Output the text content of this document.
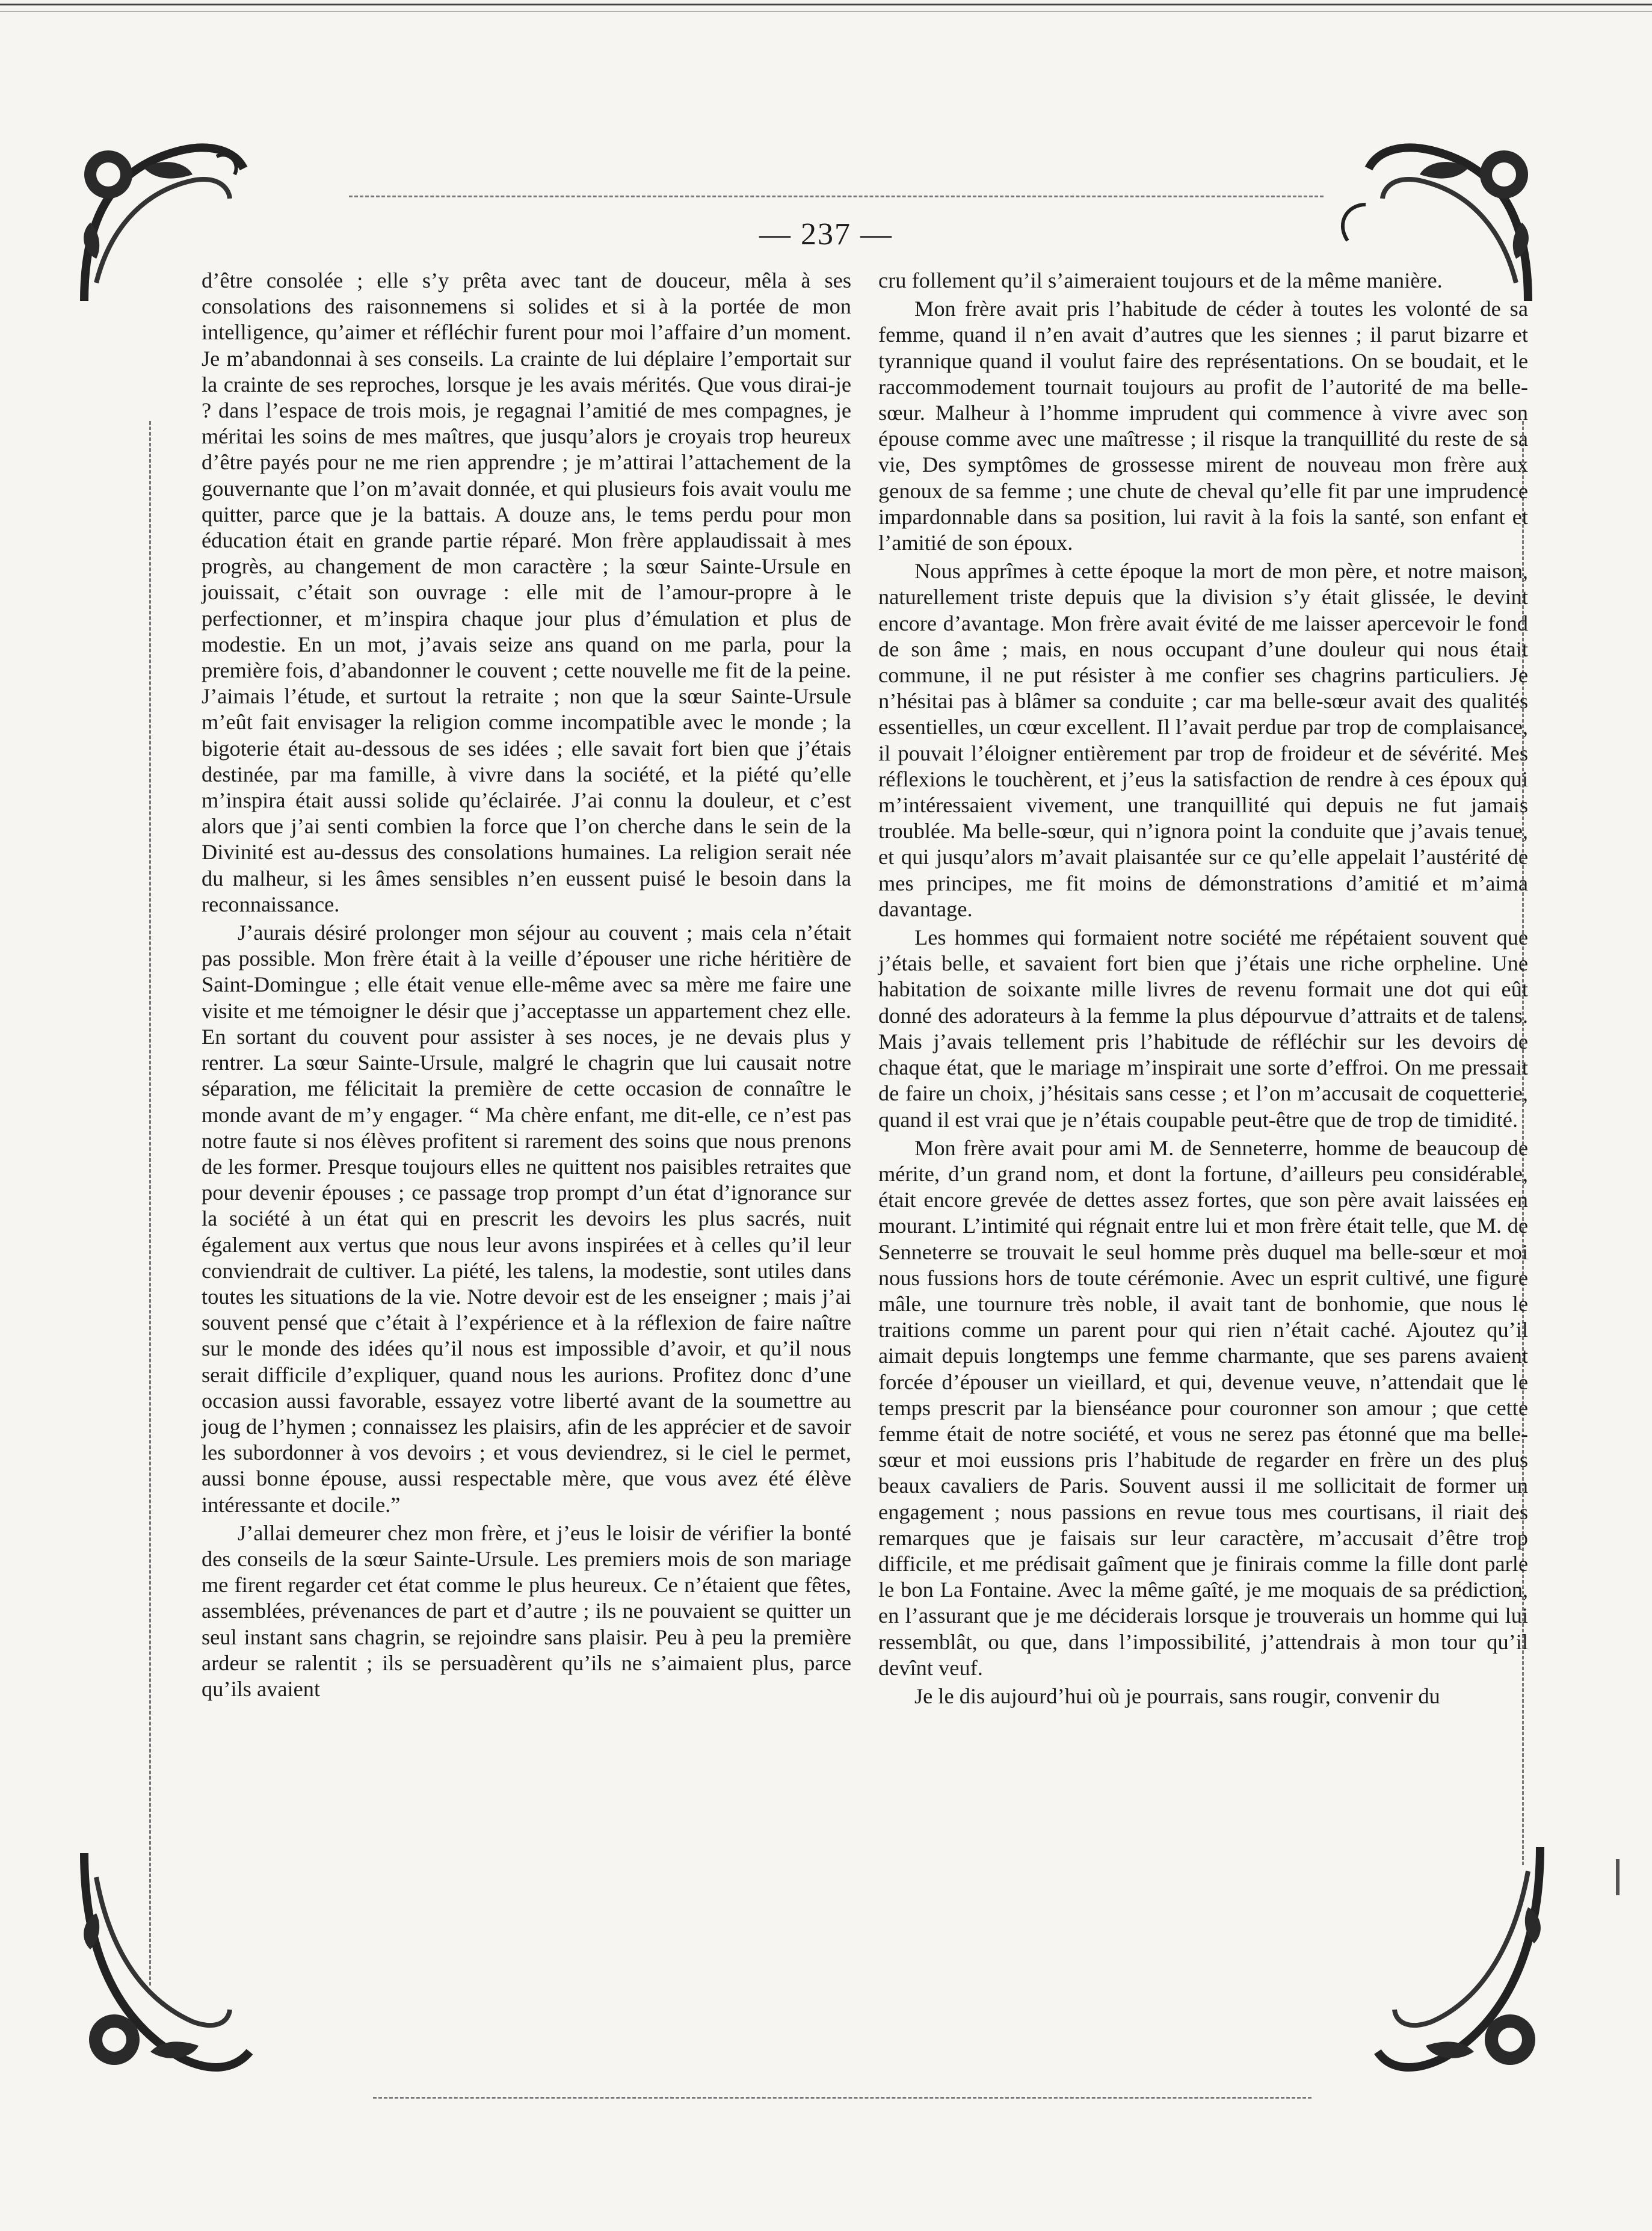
— 237 —

d’être consolée ; elle s’y prêta avec tant de douceur, mêla à ses consolations des raisonnemens si solides et si à la portée de mon intelligence, qu’aimer et réfléchir furent pour moi l’affaire d’un moment. Je m’abandonnai à ses conseils. La crainte de lui déplaire l’emportait sur la crainte de ses reproches, lorsque je les avais mérités. Que vous dirai-je ? dans l’espace de trois mois, je regagnai l’amitié de mes compagnes, je méritai les soins de mes maîtres, que jusqu’alors je croyais trop heureux d’être payés pour ne me rien apprendre ; je m’attirai l’attachement de la gouvernante que l’on m’avait donnée, et qui plusieurs fois avait voulu me quitter, parce que je la battais. A douze ans, le tems perdu pour mon éducation était en grande partie réparé. Mon frère applaudissait à mes progrès, au changement de mon caractère ; la sœur Sainte-Ursule en jouissait, c’était son ouvrage : elle mit de l’amour-propre à le perfectionner, et m’inspira chaque jour plus d’émulation et plus de modestie. En un mot, j’avais seize ans quand on me parla, pour la première fois, d’abandonner le couvent ; cette nouvelle me fit de la peine. J’aimais l’étude, et surtout la retraite ; non que la sœur Sainte-Ursule m’eût fait envisager la religion comme incompatible avec le monde ; la bigoterie était au-dessous de ses idées ; elle savait fort bien que j’étais destinée, par ma famille, à vivre dans la société, et la piété qu’elle m’inspira était aussi solide qu’éclairée. J’ai connu la douleur, et c’est alors que j’ai senti combien la force que l’on cherche dans le sein de la Divinité est au-dessus des consolations humaines. La religion serait née du malheur, si les âmes sensibles n’en eussent puisé le besoin dans la reconnaissance.

J’aurais désiré prolonger mon séjour au couvent ; mais cela n’était pas possible. Mon frère était à la veille d’épouser une riche héritière de Saint-Domingue ; elle était venue elle-même avec sa mère me faire une visite et me témoigner le désir que j’acceptasse un appartement chez elle. En sortant du couvent pour assister à ses noces, je ne devais plus y rentrer. La sœur Sainte-Ursule, malgré le chagrin que lui causait notre séparation, me félicitait la première de cette occasion de connaître le monde avant de m’y engager. “ Ma chère enfant, me dit-elle, ce n’est pas notre faute si nos élèves profitent si rarement des soins que nous prenons de les former. Presque toujours elles ne quittent nos paisibles retraites que pour devenir épouses ; ce passage trop prompt d’un état d’ignorance sur la société à un état qui en prescrit les devoirs les plus sacrés, nuit également aux vertus que nous leur avons inspirées et à celles qu’il leur conviendrait de cultiver. La piété, les talens, la modestie, sont utiles dans toutes les situations de la vie. Notre devoir est de les enseigner ; mais j’ai souvent pensé que c’était à l’expérience et à la réflexion de faire naître sur le monde des idées qu’il nous est impossible d’avoir, et qu’il nous serait difficile d’expliquer, quand nous les aurions. Profitez donc d’une occasion aussi favorable, essayez votre liberté avant de la soumettre au joug de l’hymen ; connaissez les plaisirs, afin de les apprécier et de savoir les subordonner à vos devoirs ; et vous deviendrez, si le ciel le permet, aussi bonne épouse, aussi respectable mère, que vous avez été élève intéressante et docile.”

J’allai demeurer chez mon frère, et j’eus le loisir de vérifier la bonté des conseils de la sœur Sainte-Ursule. Les premiers mois de son mariage me firent regarder cet état comme le plus heureux. Ce n’étaient que fêtes, assemblées, prévenances de part et d’autre ; ils ne pouvaient se quitter un seul instant sans chagrin, se rejoindre sans plaisir. Peu à peu la première ardeur se ralentit ; ils se persuadèrent qu’ils ne s’aimaient plus, parce qu’ils avaient

cru follement qu’il s’aimeraient toujours et de la même manière.

Mon frère avait pris l’habitude de céder à toutes les volonté de sa femme, quand il n’en avait d’autres que les siennes ; il parut bizarre et tyrannique quand il voulut faire des représentations. On se boudait, et le raccommodement tournait toujours au profit de l’autorité de ma belle-sœur. Malheur à l’homme imprudent qui commence à vivre avec son épouse comme avec une maîtresse ; il risque la tranquillité du reste de sa vie, Des symptômes de grossesse mirent de nouveau mon frère aux genoux de sa femme ; une chute de cheval qu’elle fit par une imprudence impardonnable dans sa position, lui ravit à la fois la santé, son enfant et l’amitié de son époux.

Nous apprîmes à cette époque la mort de mon père, et notre maison, naturellement triste depuis que la division s’y était glissée, le devint encore d’avantage. Mon frère avait évité de me laisser apercevoir le fond de son âme ; mais, en nous occupant d’une douleur qui nous était commune, il ne put résister à me confier ses chagrins particuliers. Je n’hésitai pas à blâmer sa conduite ; car ma belle-sœur avait des qualités essentielles, un cœur excellent. Il l’avait perdue par trop de complaisance, il pouvait l’éloigner entièrement par trop de froideur et de sévérité. Mes réflexions le touchèrent, et j’eus la satisfaction de rendre à ces époux qui m’intéressaient vivement, une tranquillité qui depuis ne fut jamais troublée. Ma belle-sœur, qui n’ignora point la conduite que j’avais tenue, et qui jusqu’alors m’avait plaisantée sur ce qu’elle appelait l’austérité de mes principes, me fit moins de démonstrations d’amitié et m’aima davantage.

Les hommes qui formaient notre société me répétaient souvent que j’étais belle, et savaient fort bien que j’étais une riche orpheline. Une habitation de soixante mille livres de revenu formait une dot qui eût donné des adorateurs à la femme la plus dépourvue d’attraits et de talens. Mais j’avais tellement pris l’habitude de réfléchir sur les devoirs de chaque état, que le mariage m’inspirait une sorte d’effroi. On me pressait de faire un choix, j’hésitais sans cesse ; et l’on m’accusait de coquetterie, quand il est vrai que je n’étais coupable peut-être que de trop de timidité.

Mon frère avait pour ami M. de Senneterre, homme de beaucoup de mérite, d’un grand nom, et dont la fortune, d’ailleurs peu considérable, était encore grevée de dettes assez fortes, que son père avait laissées en mourant. L’intimité qui régnait entre lui et mon frère était telle, que M. de Senneterre se trouvait le seul homme près duquel ma belle-sœur et moi nous fussions hors de toute cérémonie. Avec un esprit cultivé, une figure mâle, une tournure très noble, il avait tant de bonhomie, que nous le traitions comme un parent pour qui rien n’était caché. Ajoutez qu’il aimait depuis longtemps une femme charmante, que ses parens avaient forcée d’épouser un vieillard, et qui, devenue veuve, n’attendait que le temps prescrit par la bienséance pour couronner son amour ; que cette femme était de notre société, et vous ne serez pas étonné que ma belle-sœur et moi eussions pris l’habitude de regarder en frère un des plus beaux cavaliers de Paris. Souvent aussi il me sollicitait de former un engagement ; nous passions en revue tous mes courtisans, il riait des remarques que je faisais sur leur caractère, m’accusait d’être trop difficile, et me prédisait gaîment que je finirais comme la fille dont parle le bon La Fontaine. Avec la même gaîté, je me moquais de sa prédiction, en l’assurant que je me déciderais lorsque je trouverais un homme qui lui ressemblât, ou que, dans l’impossibilité, j’attendrais à mon tour qu’il devînt veuf.

Je le dis aujourd’hui où je pourrais, sans rougir, convenir du
